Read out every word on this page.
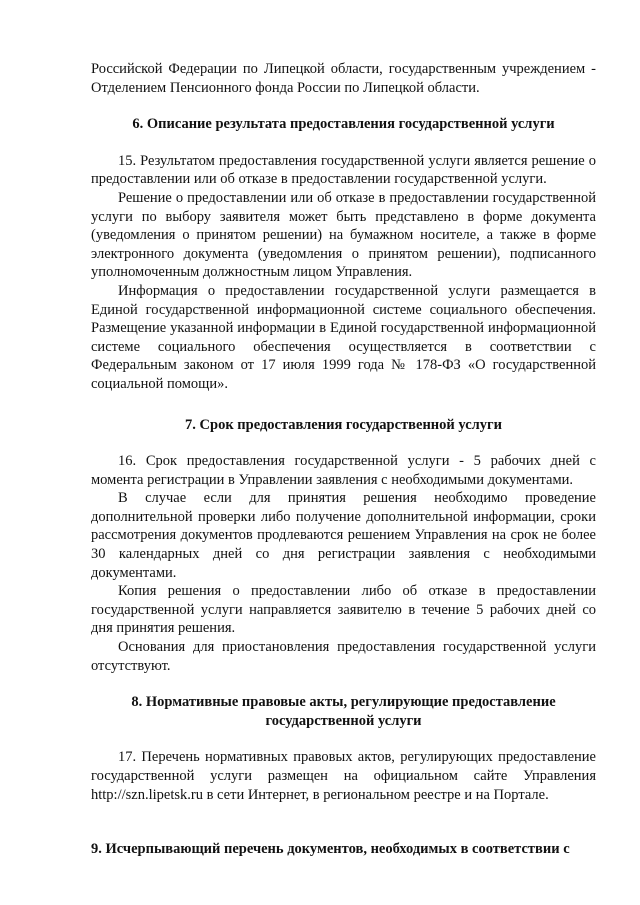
Российской Федерации по Липецкой области, государственным учреждением - Отделением Пенсионного фонда России по Липецкой области.

6. Описание результата предоставления государственной услуги

15. Результатом предоставления государственной услуги является решение о предоставлении или об отказе в предоставлении государственной услуги.

Решение о предоставлении или об отказе в предоставлении государственной услуги по выбору заявителя может быть представлено в форме документа (уведомления о принятом решении) на бумажном носителе, а также в форме электронного документа (уведомления о принятом решении), подписанного уполномоченным должностным лицом Управления.

Информация о предоставлении государственной услуги размещается в Единой государственной информационной системе социального обеспечения. Размещение указанной информации в Единой государственной информационной системе социального обеспечения осуществляется в соответствии с Федеральным законом от 17 июля 1999 года № 178-ФЗ «О государственной социальной помощи».

7. Срок предоставления государственной услуги

16. Срок предоставления государственной услуги - 5 рабочих дней с момента регистрации в Управлении заявления с необходимыми документами.

В случае если для принятия решения необходимо проведение дополнительной проверки либо получение дополнительной информации, сроки рассмотрения документов продлеваются решением Управления на срок не более 30 календарных дней со дня регистрации заявления с необходимыми документами.

Копия решения о предоставлении либо об отказе в предоставлении государственной услуги направляется заявителю в течение 5 рабочих дней со дня принятия решения.

Основания для приостановления предоставления государственной услуги отсутствуют.

8. Нормативные правовые акты, регулирующие предоставление
государственной услуги

17. Перечень нормативных правовых актов, регулирующих предоставление государственной услуги размещен на официальном сайте Управления http://szn.lipetsk.ru в сети Интернет, в региональном реестре и на Портале.

9. Исчерпывающий перечень документов, необходимых в соответствии с
